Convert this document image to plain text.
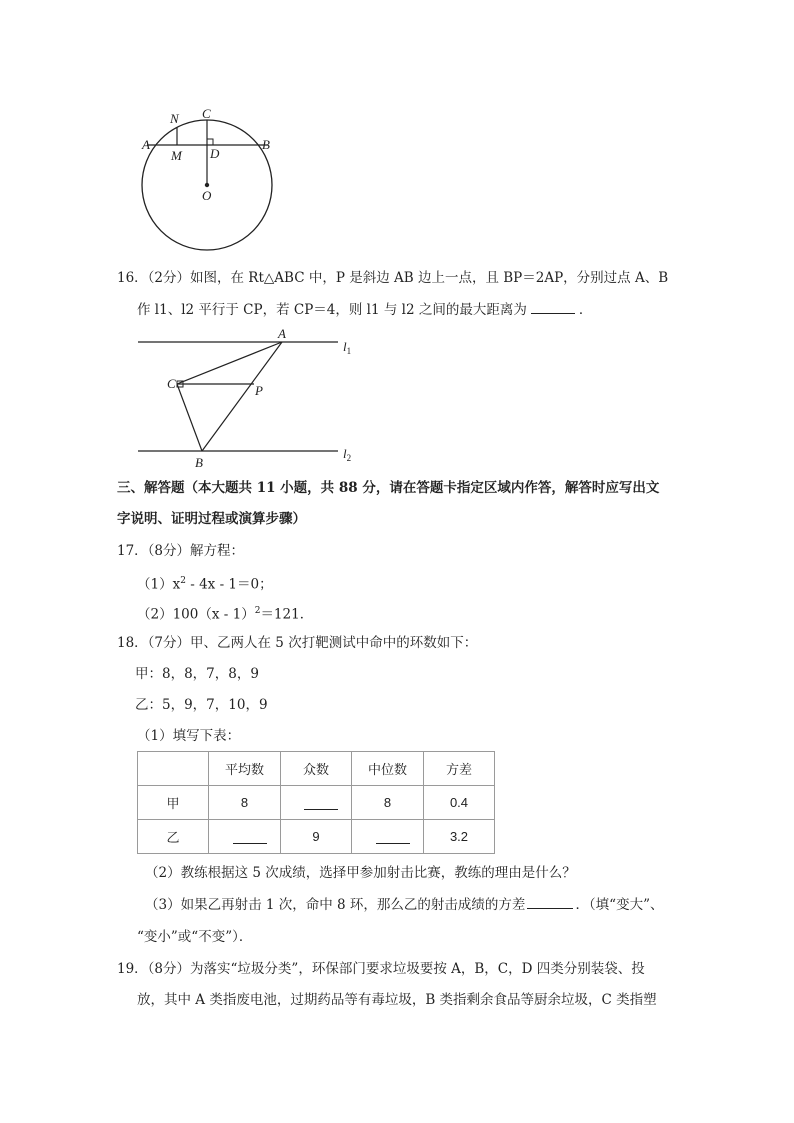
N C
A	B
M D
O
16．（2分）如图，在 Rt△ABC 中，P 是斜边 AB 边上一点，且 BP＝2AP，分别过点 A、B
作 l1、l2 平行于 CP，若 CP＝4，则 l1 与 l2 之间的最大距离为	．
A
C	P
B
$l_1$
$l_2$
三、解答题（本大题共 11 小题，共 88 分，请在答题卡指定区域内作答，解答时应写出文
字说明、证明过程或演算步骤）
17．（8分）解方程：
$(1)x^2 - 4x - 1=0$；
（2）100（x - 1）$^2$＝121．
18．（7分）甲、乙两人在 5 次打靶测试中命中的环数如下：
甲：8，8，7，8，9
乙：5，9，7，10，9
（1）填写下表：
	平均数	众数	中位数	方差
甲	8		8	0.4
乙		9		3.2
（2）教练根据这 5 次成绩，选择甲参加射击比赛，教练的理由是什么？
（3）如果乙再射击 1 次，命中 8 环，那么乙的射击成绩的方差	．（填“变大”、
“变小”或“不变”）．
19．（8分）为落实“垃圾分类”，环保部门要求垃圾要按 A，B，C，D 四类分别装袋、投
放，其中 A 类指废电池，过期药品等有毒垃圾，B 类指剩余食品等厨余垃圾，C 类指塑
